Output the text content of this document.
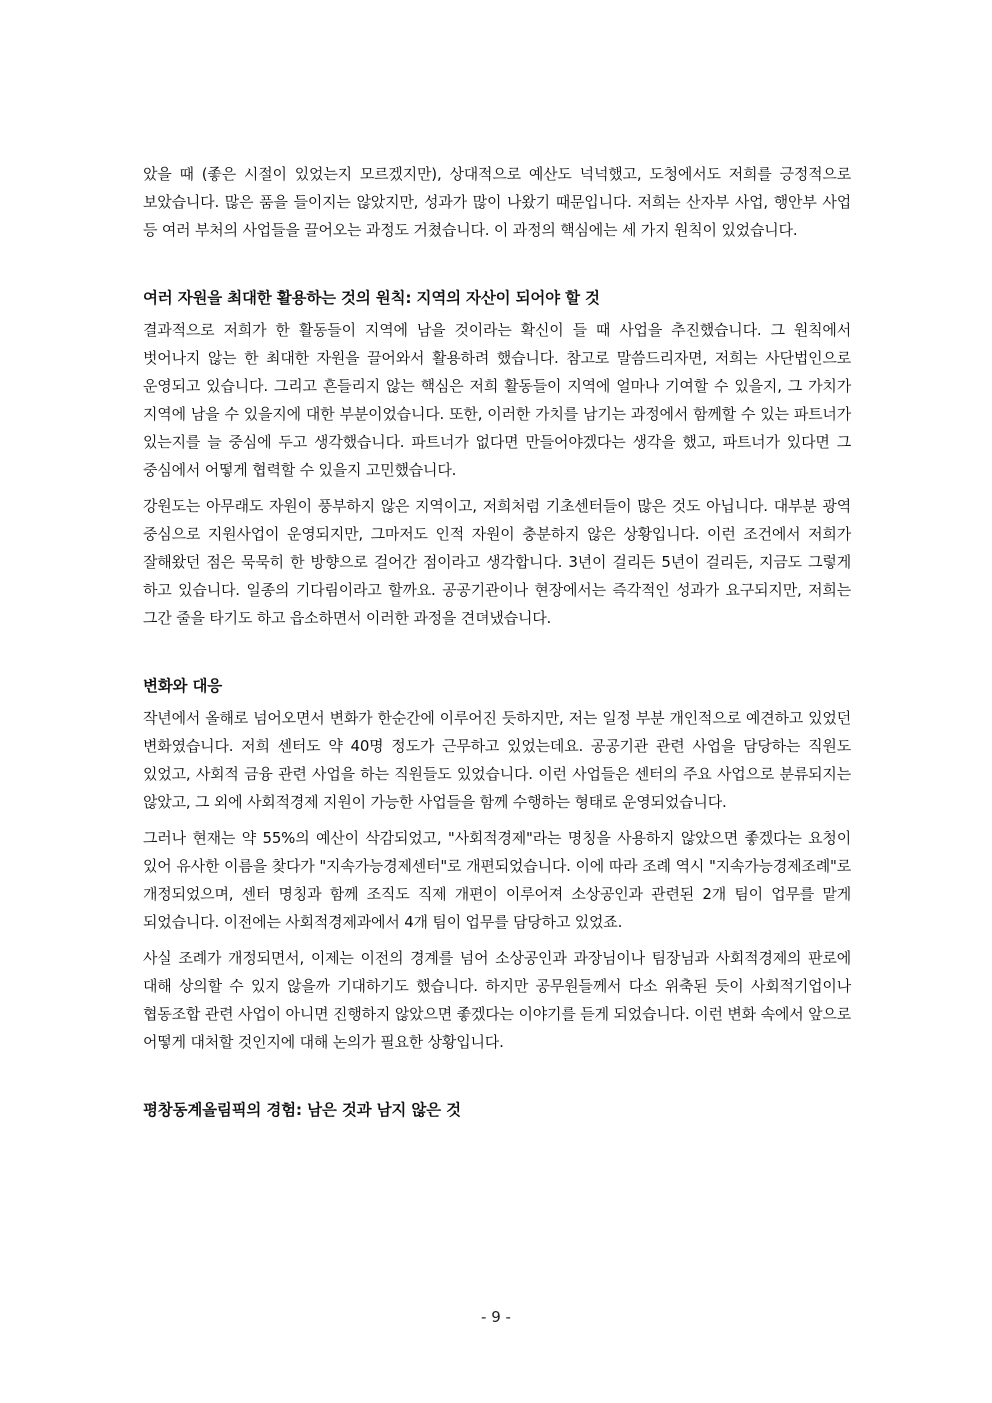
았을 때 (좋은 시절이 있었는지 모르겠지만), 상대적으로 예산도 넉넉했고, 도청에서도 저희를 긍정적으로 보았습니다. 많은 품을 들이지는 않았지만, 성과가 많이 나왔기 때문입니다. 저희는 산자부 사업, 행안부 사업 등 여러 부처의 사업들을 끌어오는 과정도 거쳤습니다. 이 과정의 핵심에는 세 가지 원칙이 있었습니다.

여러 자원을 최대한 활용하는 것의 원칙: 지역의 자산이 되어야 할 것

결과적으로 저희가 한 활동들이 지역에 남을 것이라는 확신이 들 때 사업을 추진했습니다. 그 원칙에서 벗어나지 않는 한 최대한 자원을 끌어와서 활용하려 했습니다. 참고로 말씀드리자면, 저희는 사단법인으로 운영되고 있습니다. 그리고 흔들리지 않는 핵심은 저희 활동들이 지역에 얼마나 기여할 수 있을지, 그 가치가 지역에 남을 수 있을지에 대한 부분이었습니다. 또한, 이러한 가치를 남기는 과정에서 함께할 수 있는 파트너가 있는지를 늘 중심에 두고 생각했습니다. 파트너가 없다면 만들어야겠다는 생각을 했고, 파트너가 있다면 그 중심에서 어떻게 협력할 수 있을지 고민했습니다.

강원도는 아무래도 자원이 풍부하지 않은 지역이고, 저희처럼 기초센터들이 많은 것도 아닙니다. 대부분 광역 중심으로 지원사업이 운영되지만, 그마저도 인적 자원이 충분하지 않은 상황입니다. 이런 조건에서 저희가 잘해왔던 점은 묵묵히 한 방향으로 걸어간 점이라고 생각합니다. 3년이 걸리든 5년이 걸리든, 지금도 그렇게 하고 있습니다. 일종의 기다림이라고 할까요. 공공기관이나 현장에서는 즉각적인 성과가 요구되지만, 저희는 그간 줄을 타기도 하고 읍소하면서 이러한 과정을 견뎌냈습니다.

변화와 대응

작년에서 올해로 넘어오면서 변화가 한순간에 이루어진 듯하지만, 저는 일정 부분 개인적으로 예견하고 있었던 변화였습니다. 저희 센터도 약 40명 정도가 근무하고 있었는데요. 공공기관 관련 사업을 담당하는 직원도 있었고, 사회적 금융 관련 사업을 하는 직원들도 있었습니다. 이런 사업들은 센터의 주요 사업으로 분류되지는 않았고, 그 외에 사회적경제 지원이 가능한 사업들을 함께 수행하는 형태로 운영되었습니다.

그러나 현재는 약 55%의 예산이 삭감되었고, "사회적경제"라는 명칭을 사용하지 않았으면 좋겠다는 요청이 있어 유사한 이름을 찾다가 "지속가능경제센터"로 개편되었습니다. 이에 따라 조례 역시 "지속가능경제조례"로 개정되었으며, 센터 명칭과 함께 조직도 직제 개편이 이루어져 소상공인과 관련된 2개 팀이 업무를 맡게 되었습니다. 이전에는 사회적경제과에서 4개 팀이 업무를 담당하고 있었죠.

사실 조례가 개정되면서, 이제는 이전의 경계를 넘어 소상공인과 과장님이나 팀장님과 사회적경제의 판로에 대해 상의할 수 있지 않을까 기대하기도 했습니다. 하지만 공무원들께서 다소 위축된 듯이 사회적기업이나 협동조합 관련 사업이 아니면 진행하지 않았으면 좋겠다는 이야기를 듣게 되었습니다. 이런 변화 속에서 앞으로 어떻게 대처할 것인지에 대해 논의가 필요한 상황입니다.

평창동계올림픽의 경험: 남은 것과 남지 않은 것
- 9 -
